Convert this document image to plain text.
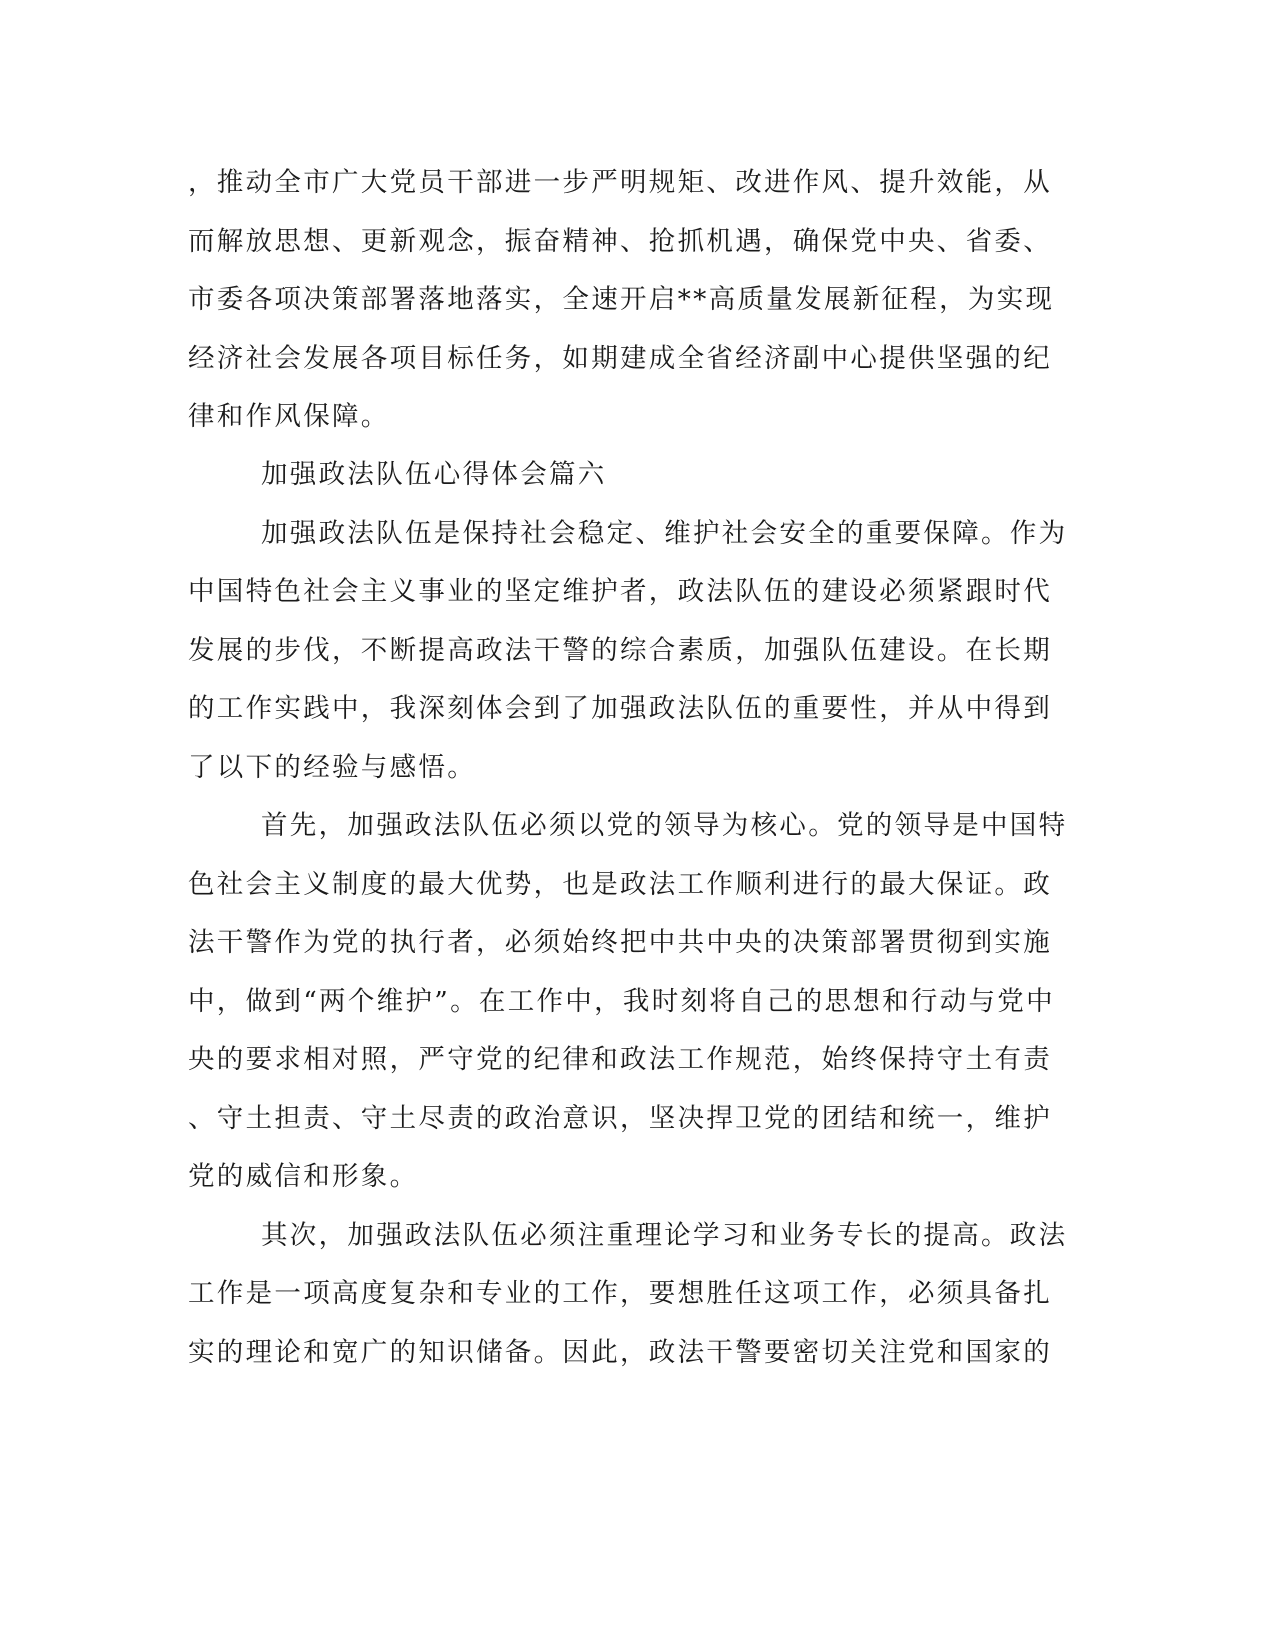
，推动全市广大党员干部进一步严明规矩、改进作风、提升效能，从
而解放思想、更新观念，振奋精神、抢抓机遇，确保党中央、省委、
市委各项决策部署落地落实，全速开启**高质量发展新征程，为实现
经济社会发展各项目标任务，如期建成全省经济副中心提供坚强的纪
律和作风保障。
加强政法队伍心得体会篇六
加强政法队伍是保持社会稳定、维护社会安全的重要保障。作为
中国特色社会主义事业的坚定维护者，政法队伍的建设必须紧跟时代
发展的步伐，不断提高政法干警的综合素质，加强队伍建设。在长期
的工作实践中，我深刻体会到了加强政法队伍的重要性，并从中得到
了以下的经验与感悟。
首先，加强政法队伍必须以党的领导为核心。党的领导是中国特
色社会主义制度的最大优势，也是政法工作顺利进行的最大保证。政
法干警作为党的执行者，必须始终把中共中央的决策部署贯彻到实施
中，做到“两个维护”。在工作中，我时刻将自己的思想和行动与党中
央的要求相对照，严守党的纪律和政法工作规范，始终保持守土有责
、守土担责、守土尽责的政治意识，坚决捍卫党的团结和统一，维护
党的威信和形象。
其次，加强政法队伍必须注重理论学习和业务专长的提高。政法
工作是一项高度复杂和专业的工作，要想胜任这项工作，必须具备扎
实的理论和宽广的知识储备。因此，政法干警要密切关注党和国家的
